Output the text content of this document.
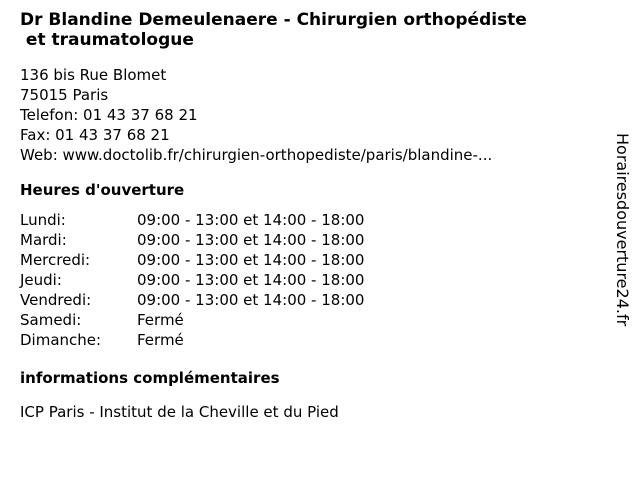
Dr Blandine Demeulenaere - Chirurgien orthopédiste
et traumatologue
136 bis Rue Blomet
75015 Paris
Telefon: 01 43 37 68 21
Fax: 01 43 37 68 21
Web: www.doctolib.fr/chirurgien-orthopediste/paris/blandine-...
Heures d'ouverture
Lundi:	09:00 - 13:00 et 14:00 - 18:00
Mardi:	09:00 - 13:00 et 14:00 - 18:00
Mercredi:	09:00 - 13:00 et 14:00 - 18:00
Jeudi:	09:00 - 13:00 et 14:00 - 18:00
Vendredi:	09:00 - 13:00 et 14:00 - 18:00
Samedi:	Fermé
Dimanche: Fermé
informations complémentaires
ICP Paris - Institut de la Cheville et du Pied
Horairesdouverture24.fr
